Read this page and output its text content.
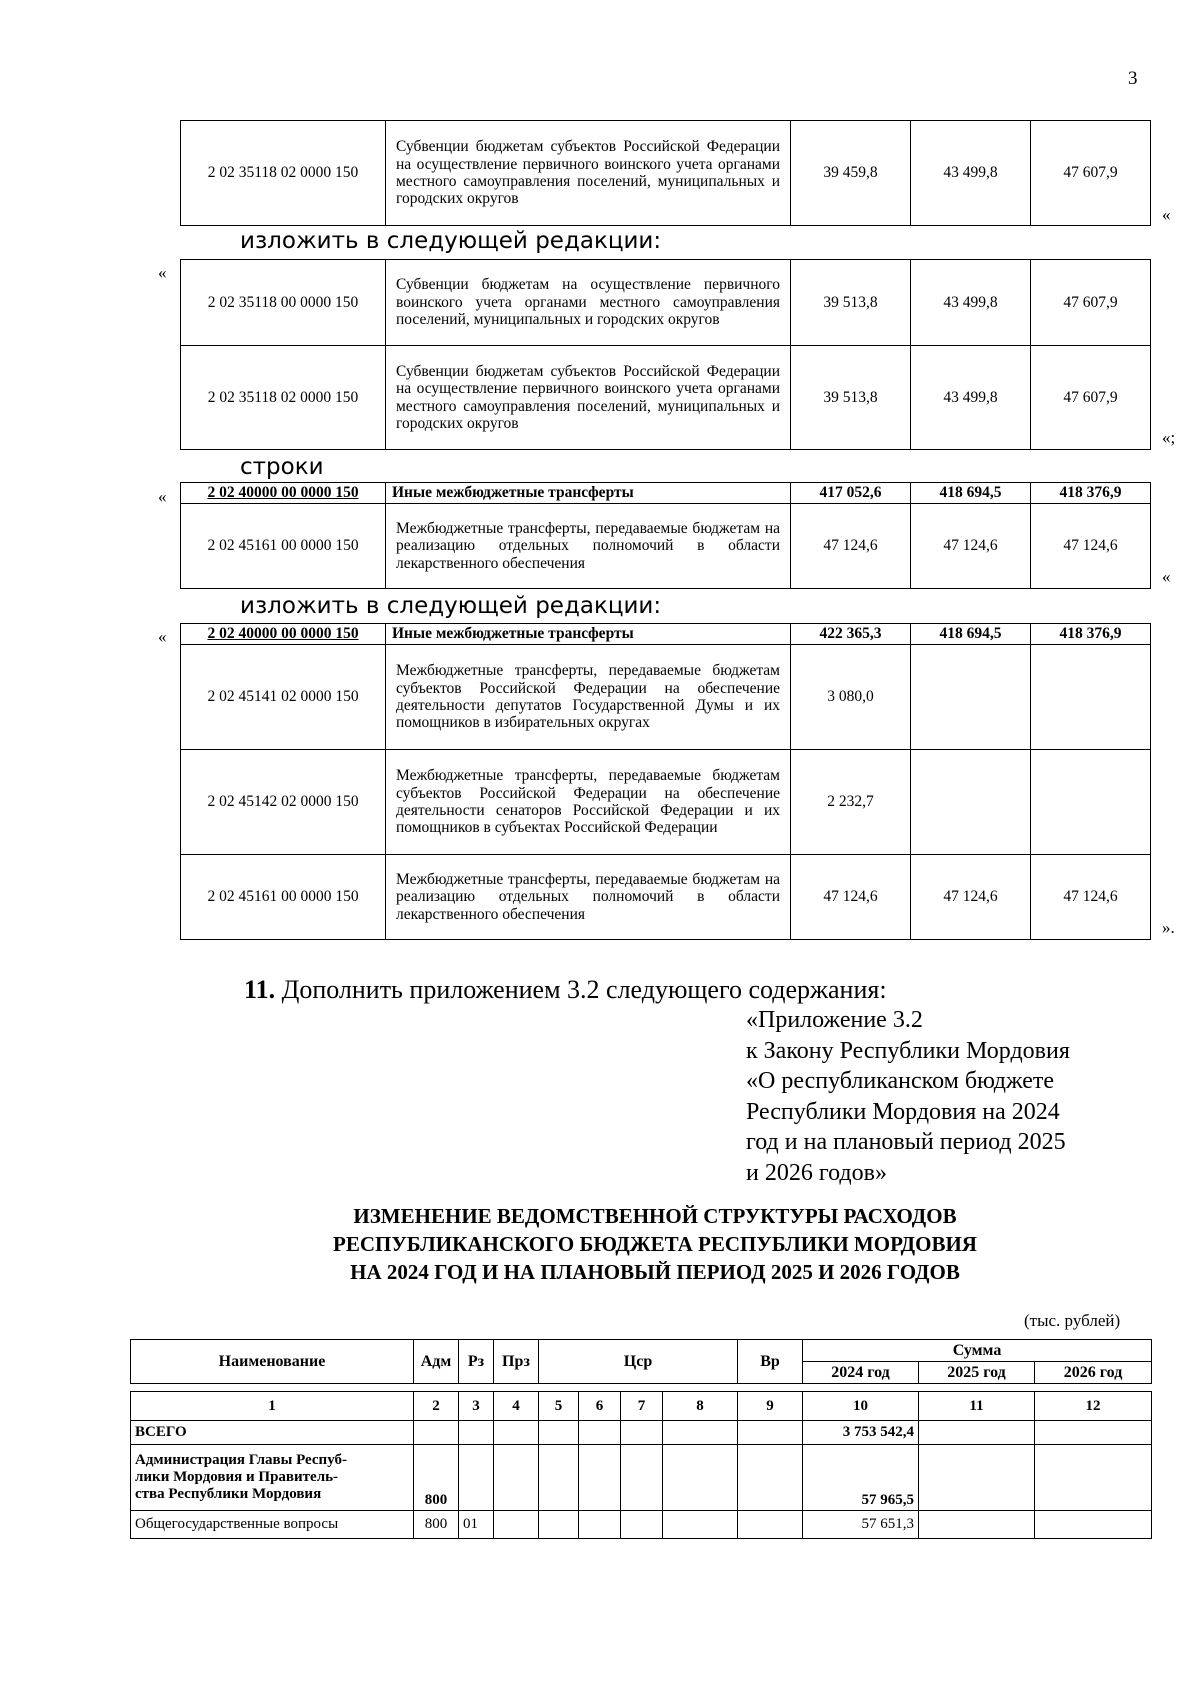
3
2 02 35118 02 0000 150	Субвенции бюджетам субъектов Российской Федерации на осуществление первичного воинского учета органами местного самоуправления поселений, муниципальных и городских округов	39 459,8	43 499,8	47 607,9
«
изложить в следующей редакции:
«
2 02 35118 00 0000 150	Субвенции бюджетам на осуществление первичного воинского учета органами местного самоуправления поселений, муниципальных и городских округов	39 513,8	43 499,8	47 607,9
2 02 35118 02 0000 150	Субвенции бюджетам субъектов Российской Федерации на осуществление первичного воинского учета органами местного самоуправления поселений, муниципальных и городских округов	39 513,8	43 499,8	47 607,9
«;
строки
«	2 02 40000 00 0000 150	Иные межбюджетные трансферты	417 052,6	418 694,5	418 376,9
2 02 45161 00 0000 150	Межбюджетные трансферты, передаваемые бюджетам на реализацию отдельных полномочий в области лекарственного обеспечения	47 124,6	47 124,6	47 124,6
«
изложить в следующей редакции:
«	2 02 40000 00 0000 150	Иные межбюджетные трансферты	422 365,3	418 694,5	418 376,9
2 02 45141 02 0000 150	Межбюджетные трансферты, передаваемые бюджетам субъектов Российской Федерации на обеспечение деятельности депутатов Государственной Думы и их помощников в избирательных округах	3 080,0		
2 02 45142 02 0000 150	Межбюджетные трансферты, передаваемые бюджетам субъектов Российской Федерации на обеспечение деятельности сенаторов Российской Федерации и их помощников в субъектах Российской Федерации	2 232,7		
2 02 45161 00 0000 150	Межбюджетные трансферты, передаваемые бюджетам на реализацию отдельных полномочий в области лекарственного обеспечения	47 124,6	47 124,6	47 124,6
».
11. Дополнить приложением 3.2 следующего содержания:
«Приложение 3.2
к Закону Республики Мордовия
«О республиканском бюджете
Республики Мордовия на 2024
год и на плановый период 2025
и 2026 годов»
ИЗМЕНЕНИЕ ВЕДОМСТВЕННОЙ СТРУКТУРЫ РАСХОДОВ
РЕСПУБЛИКАНСКОГО БЮДЖЕТА РЕСПУБЛИКИ МОРДОВИЯ
НА 2024 ГОД И НА ПЛАНОВЫЙ ПЕРИОД 2025 И 2026 ГОДОВ
(тыс. рублей)
Наименование	Адм	Рз	Прз	Цср				Вр	Сумма		
									2024 год	2025 год	2026 год

1	2	3	4	5	6	7	8	9	10	11	12
ВСЕГО									3 753 542,4		

Администрация Главы Респуб-
лики Мордовия и Правитель-
ства Республики Мордовия	800								57 965,5		
Общегосударственные вопросы	800	01							57 651,3		
